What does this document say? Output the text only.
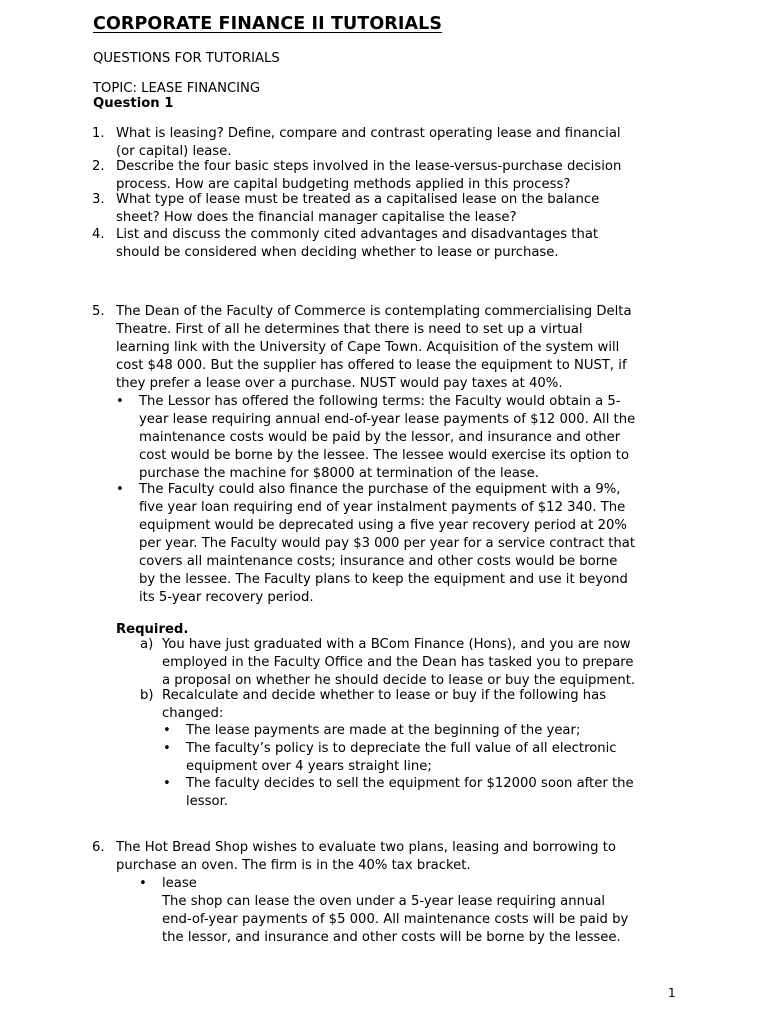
CORPORATE FINANCE II TUTORIALS

QUESTIONS FOR TUTORIALS

TOPIC: LEASE FINANCING

Question 1

1. What is leasing? Define, compare and contrast operating lease and financial
(or capital) lease.
2. Describe the four basic steps involved in the lease-versus-purchase decision
process. How are capital budgeting methods applied in this process?
3. What type of lease must be treated as a capitalised lease on the balance
sheet? How does the financial manager capitalise the lease?
4. List and discuss the commonly cited advantages and disadvantages that
should be considered when deciding whether to lease or purchase.
5. The Dean of the Faculty of Commerce is contemplating commercialising Delta
Theatre. First of all he determines that there is need to set up a virtual
learning link with the University of Cape Town. Acquisition of the system will
cost $48 000. But the supplier has offered to lease the equipment to NUST, if
they prefer a lease over a purchase. NUST would pay taxes at 40%.
• The Lessor has offered the following terms: the Faculty would obtain a 5-
year lease requiring annual end-of-year lease payments of $12 000. All the
maintenance costs would be paid by the lessor, and insurance and other
cost would be borne by the lessee. The lessee would exercise its option to
purchase the machine for $8000 at termination of the lease.
• The Faculty could also finance the purchase of the equipment with a 9%,
five year loan requiring end of year instalment payments of $12 340. The
equipment would be deprecated using a five year recovery period at 20%
per year. The Faculty would pay $3 000 per year for a service contract that
covers all maintenance costs; insurance and other costs would be borne
by the lessee. The Faculty plans to keep the equipment and use it beyond
its 5-year recovery period.

Required.

a) You have just graduated with a BCom Finance (Hons), and you are now
employed in the Faculty Office and the Dean has tasked you to prepare
a proposal on whether he should decide to lease or buy the equipment.
b) Recalculate and decide whether to lease or buy if the following has
changed:
• The lease payments are made at the beginning of the year;
• The faculty’s policy is to depreciate the full value of all electronic
equipment over 4 years straight line;
• The faculty decides to sell the equipment for $12000 soon after the
lessor.
6. The Hot Bread Shop wishes to evaluate two plans, leasing and borrowing to
purchase an oven. The firm is in the 40% tax bracket.
• lease
The shop can lease the oven under a 5-year lease requiring annual
end-of-year payments of $5 000. All maintenance costs will be paid by
the lessor, and insurance and other costs will be borne by the lessee.
1
